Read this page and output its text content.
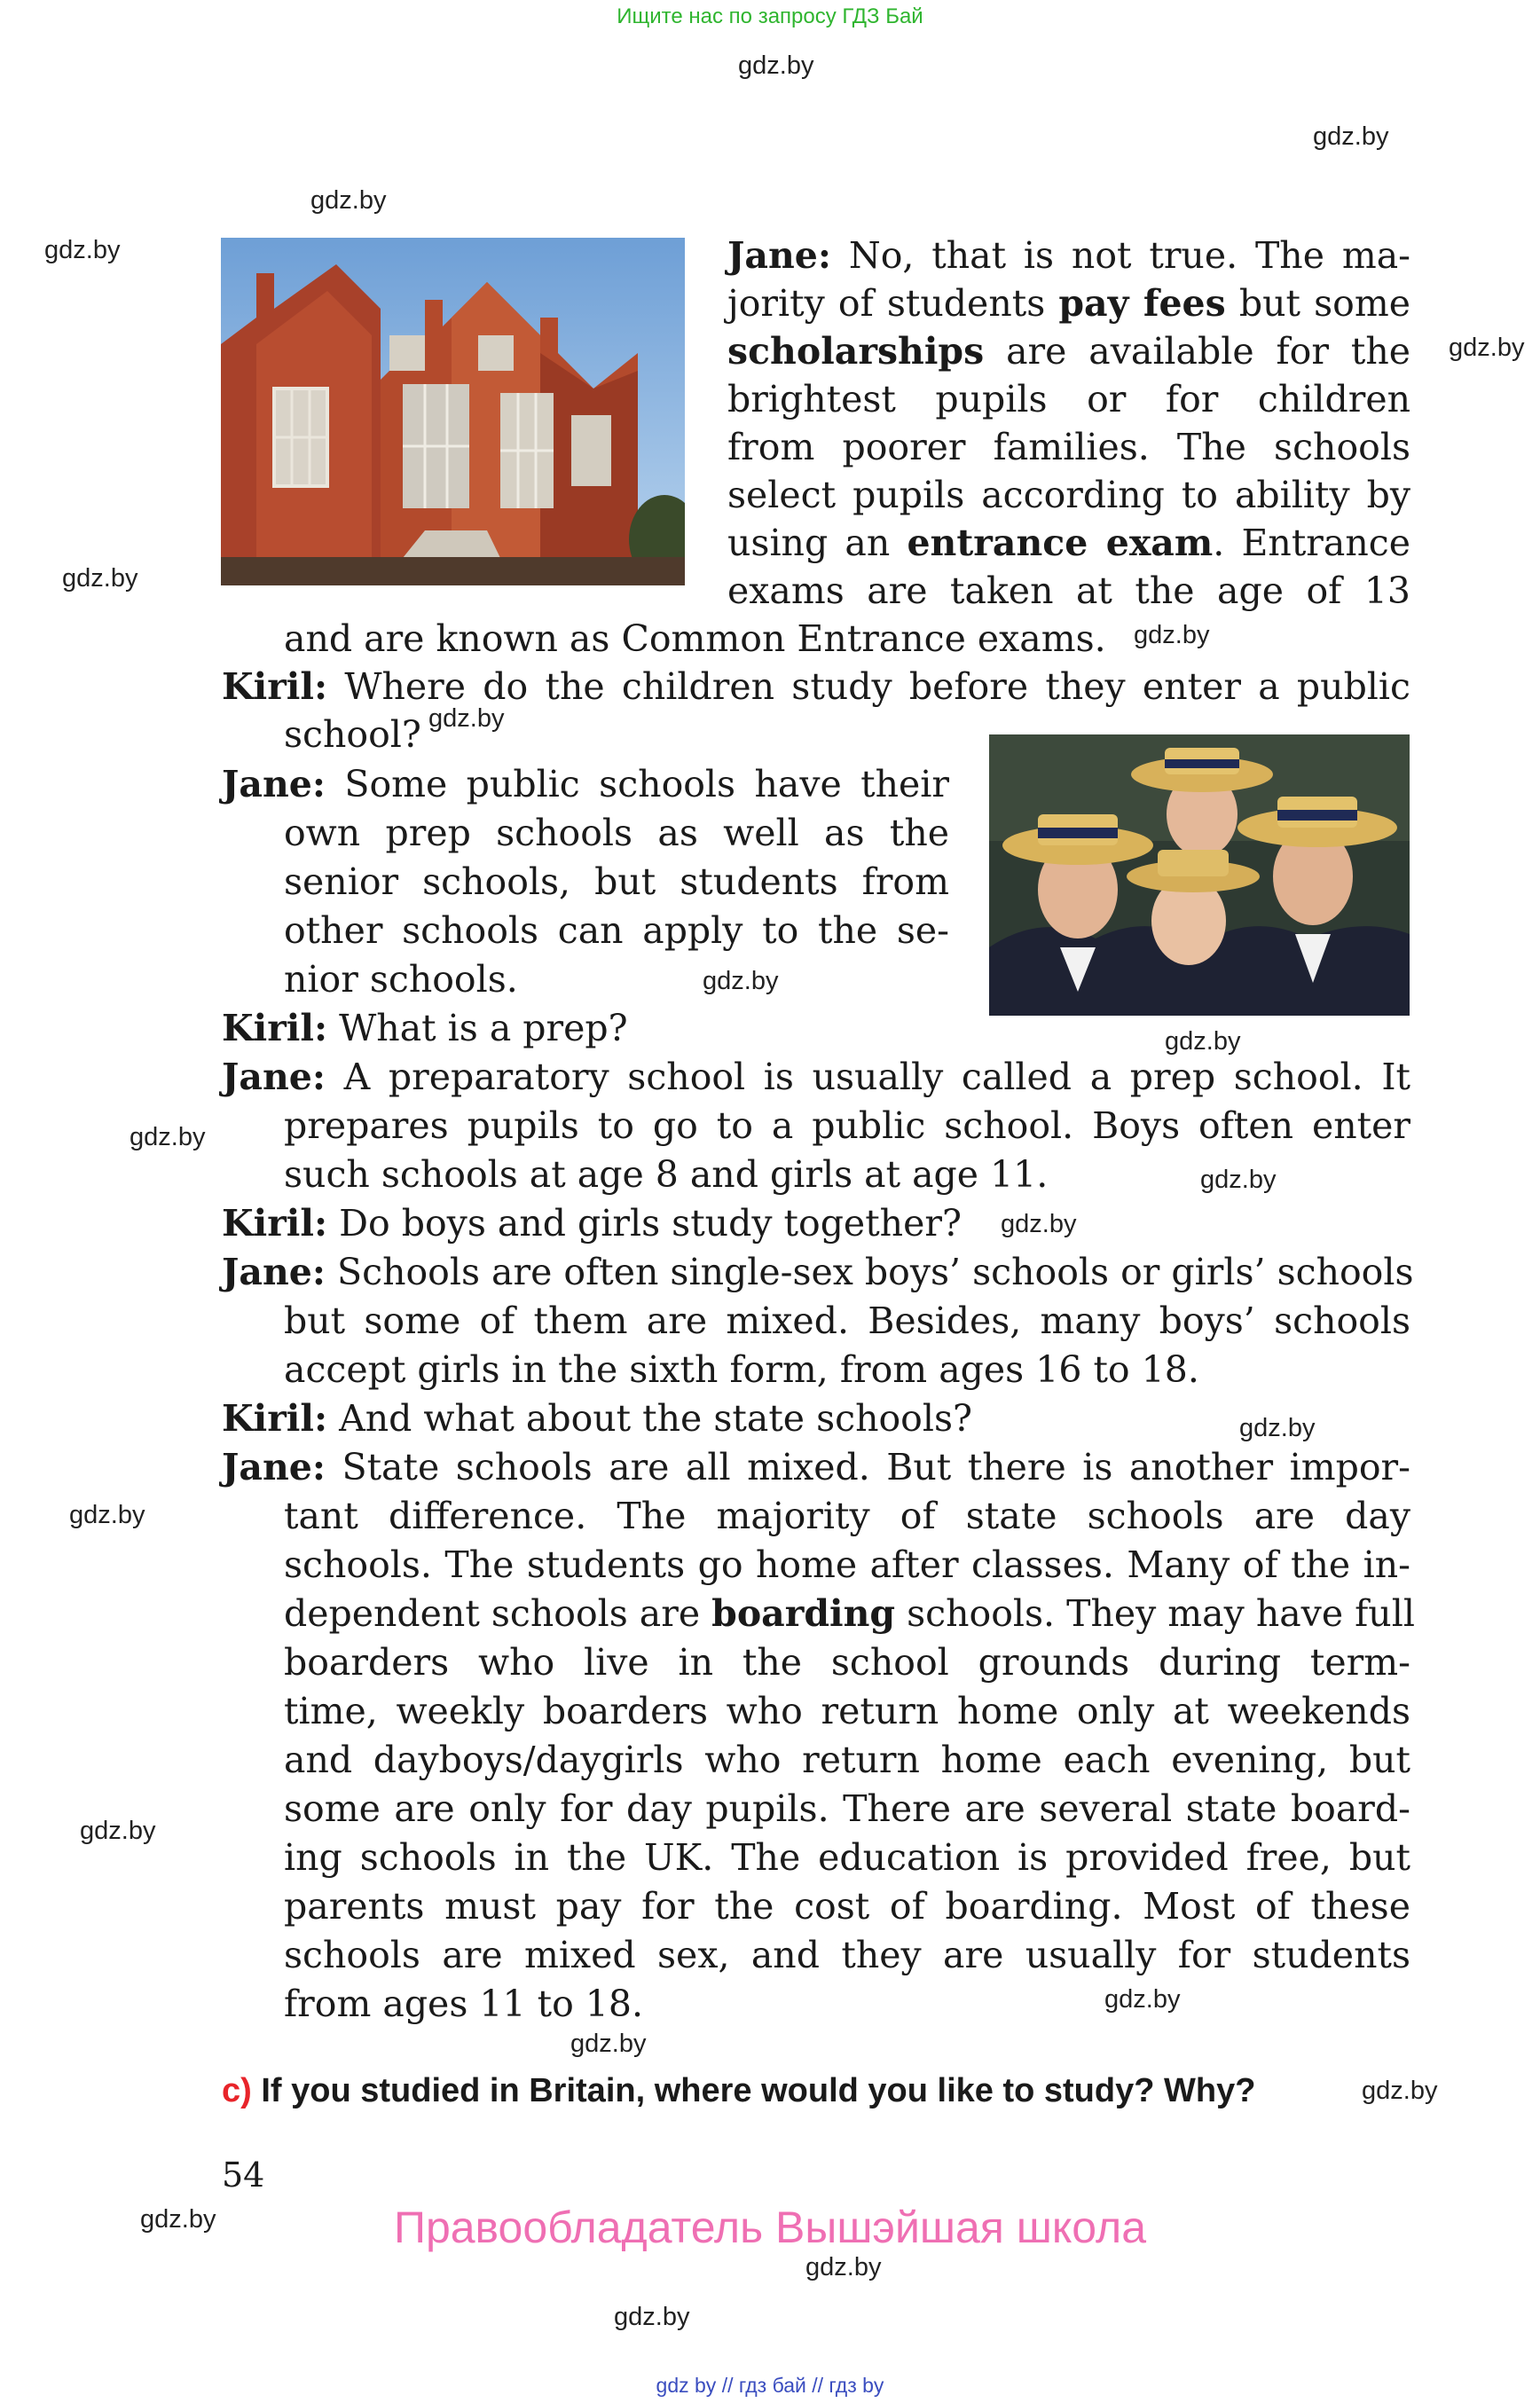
Ищите нас по запросу ГДЗ Бай
gdz.by
gdz.by
gdz.by
gdz.by
gdz.by
gdz.by
gdz.by
gdz.by
gdz.by
gdz.by
gdz.by
gdz.by
gdz.by
gdz.by
gdz.by
gdz.by
gdz.by
gdz.by
gdz.by
gdz.by
gdz.by
gdz.by
Jane: No, that is not true. The ma-
jority of students pay fees but some
scholarships are available for the
brightest pupils or for children
from poorer families. The schools
select pupils according to ability by
using an entrance exam. Entrance
exams are taken at the age of 13
and are known as Common Entrance exams.
Kiril: Where do the children study before they enter a public
school?
Jane: Some public schools have their
own prep schools as well as the
senior schools, but students from
other schools can apply to the se-
nior schools.
Kiril: What is a prep?
Jane: A preparatory school is usually called a prep school. It
prepares pupils to go to a public school. Boys often enter
such schools at age 8 and girls at age 11.
Kiril: Do boys and girls study together?
Jane: Schools are often single-sex boys’ schools or girls’ schools
but some of them are mixed. Besides, many boys’ schools
accept girls in the sixth form, from ages 16 to 18.
Kiril: And what about the state schools?
Jane: State schools are all mixed. But there is another impor-
tant difference. The majority of state schools are day
schools. The students go home after classes. Many of the in-
dependent schools are boarding schools. They may have full
boarders who live in the school grounds during term-
time, weekly boarders who return home only at weekends
and dayboys/daygirls who return home each evening, but
some are only for day pupils. There are several state board-
ing schools in the UK. The education is provided free, but
parents must pay for the cost of boarding. Most of these
schools are mixed sex, and they are usually for students
from ages 11 to 18.
c) If you studied in Britain, where would you like to study? Why?
54
Правообладатель Вышэйшая школа
gdz by // гдз бай // гдз by
